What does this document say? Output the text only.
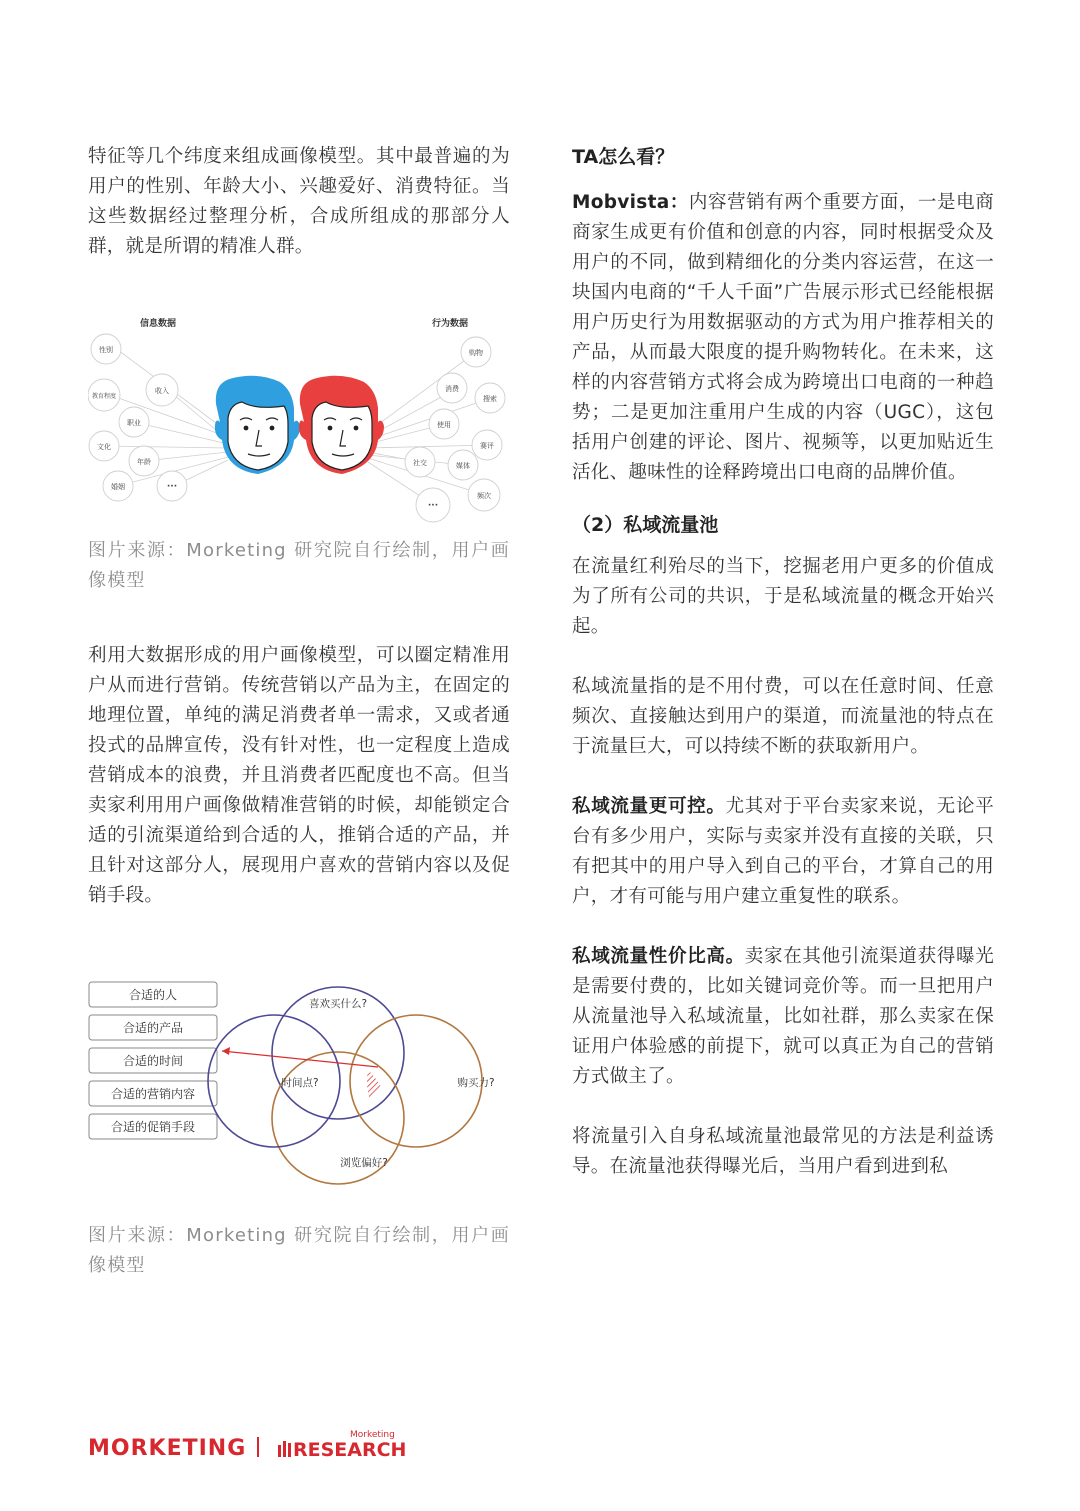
特征等几个纬度来组成画像模型。其中最普遍的为用户的性别、年龄大小、兴趣爱好、消费特征。当这些数据经过整理分析，合成所组成的那部分人群，就是所谓的精准人群。

信息数据	行为数据
性别
教育程度
收入
职业
文化
年龄
婚姻	···
购物
消费
搜索
使用
赛评
社交	媒体
频次
···

图片来源：Morketing 研究院自行绘制，用户画像模型

利用大数据形成的用户画像模型，可以圈定精准用户从而进行营销。传统营销以产品为主，在固定的地理位置，单纯的满足消费者单一需求，又或者通投式的品牌宣传，没有针对性，也一定程度上造成营销成本的浪费，并且消费者匹配度也不高。但当卖家利用用户画像做精准营销的时候，却能锁定合适的引流渠道给到合适的人，推销合适的产品，并且针对这部分人，展现用户喜欢的营销内容以及促销手段。

合适的人
合适的产品
合适的时间
合适的营销内容
合适的促销手段
喜欢买什么?
时间点?	购买力?
浏览偏好?

图片来源：Morketing 研究院自行绘制，用户画像模型

TA怎么看？

Mobvista：内容营销有两个重要方面，一是电商商家生成更有价值和创意的内容，同时根据受众及用户的不同，做到精细化的分类内容运营，在这一块国内电商的“千人千面”广告展示形式已经能根据用户历史行为用数据驱动的方式为用户推荐相关的产品，从而最大限度的提升购物转化。在未来，这样的内容营销方式将会成为跨境出口电商的一种趋势；二是更加注重用户生成的内容（UGC），这包括用户创建的评论、图片、视频等，以更加贴近生活化、趣味性的诠释跨境出口电商的品牌价值。

（2）私域流量池

在流量红利殆尽的当下，挖掘老用户更多的价值成为了所有公司的共识，于是私域流量的概念开始兴起。

私域流量指的是不用付费，可以在任意时间、任意频次、直接触达到用户的渠道，而流量池的特点在于流量巨大，可以持续不断的获取新用户。

私域流量更可控。尤其对于平台卖家来说，无论平台有多少用户，实际与卖家并没有直接的关联，只有把其中的用户导入到自己的平台，才算自己的用户，才有可能与用户建立重复性的联系。

私域流量性价比高。卖家在其他引流渠道获得曝光是需要付费的，比如关键词竞价等。而一旦把用户从流量池导入私域流量，比如社群，那么卖家在保证用户体验感的前提下，就可以真正为自己的营销方式做主了。

将流量引入自身私域流量池最常见的方法是利益诱导。在流量池获得曝光后，当用户看到进到私

MORKETING RESEARCH
Morketing
